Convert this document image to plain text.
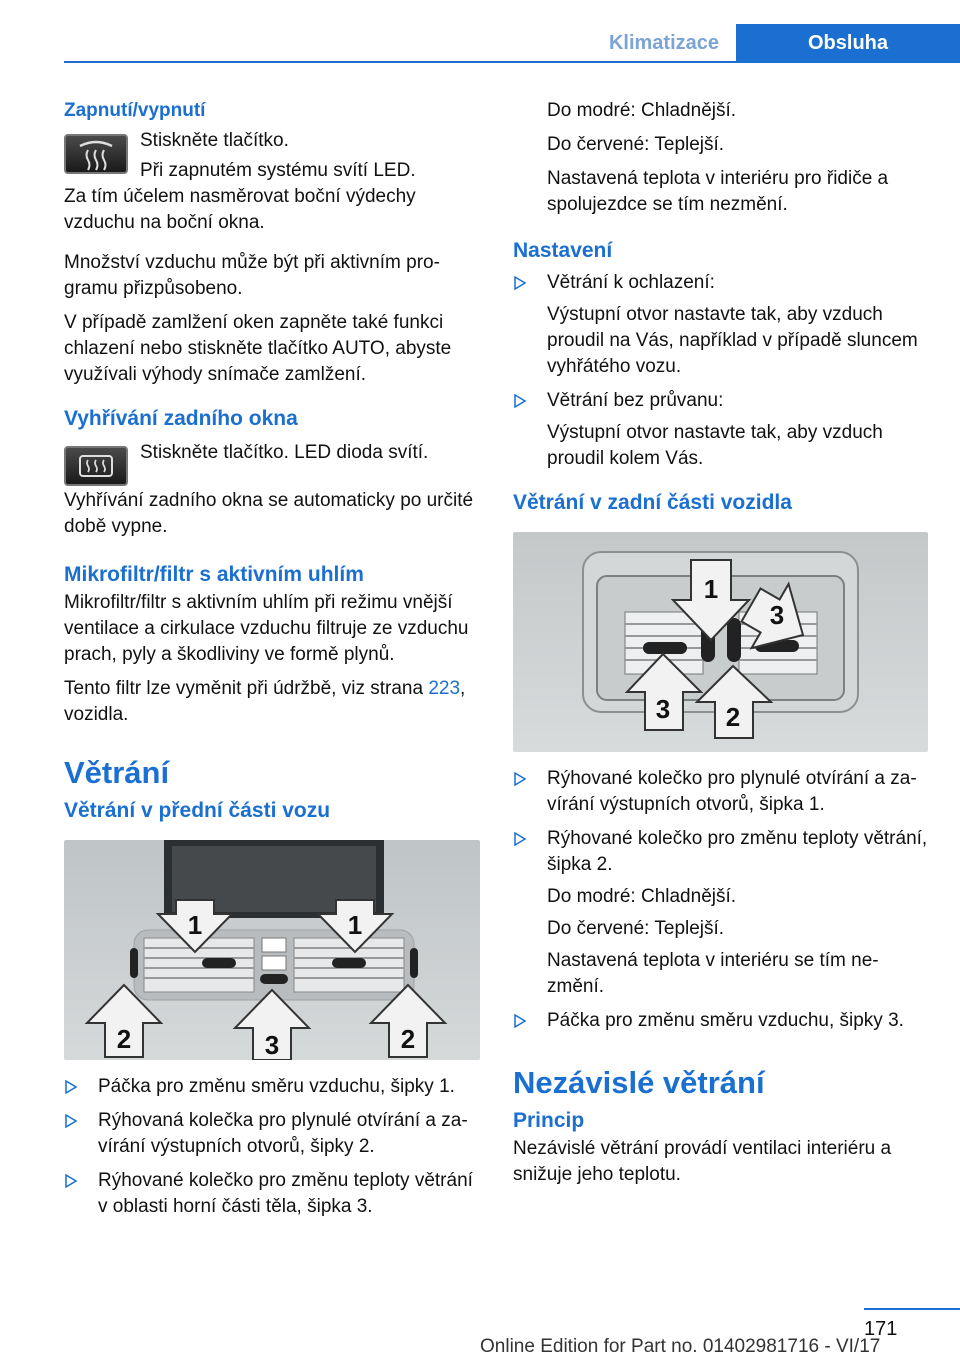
Klimatizace	Obsluha
Zapnutí/vypnutí
Stiskněte tlačítko.
Při zapnutém systému svítí LED.
Za tím účelem nasměrovat boční výdechy vzduchu na boční okna.
Množství vzduchu může být při aktivním programu přizpůsobeno.
V případě zamlžení oken zapněte také funkci chlazení nebo stiskněte tlačítko AUTO, abyste využívali výhody snímače zamlžení.
Vyhřívání zadního okna
Stiskněte tlačítko. LED dioda svítí.
Vyhřívání zadního okna se automaticky po určité době vypne.
Mikrofiltr/filtr s aktivním uhlím
Mikrofiltr/filtr s aktivním uhlím při režimu vnější ventilace a cirkulace vzduchu filtruje ze vzduchu prach, pyly a škodliviny ve formě plynů.
Tento filtr lze vyměnit při údržbě, viz strana 223, vozidla.
Větrání
Větrání v přední části vozu
1	1
2	3	2
Páčka pro změnu směru vzduchu, šipky 1.
Rýhovaná kolečka pro plynulé otvírání a zavírání výstupních otvorů, šipky 2.
Rýhované kolečko pro změnu teploty větrání v oblasti horní části těla, šipka 3.
Do modré: Chladnější.
Do červené: Teplejší.
Nastavená teplota v interiéru pro řidiče a spolujezdce se tím nezmění.
Nastavení
Větrání k ochlazení:
Výstupní otvor nastavte tak, aby vzduch proudil na Vás, například v případě sluncem vyhřátého vozu.
Větrání bez průvanu:
Výstupní otvor nastavte tak, aby vzduch proudil kolem Vás.
Větrání v zadní části vozidla
1
3
3 2
Rýhované kolečko pro plynulé otvírání a zavírání výstupních otvorů, šipka 1.
Rýhované kolečko pro změnu teploty větrání, šipka 2.
Do modré: Chladnější.
Do červené: Teplejší.
Nastavená teplota v interiéru se tím nezmění.
Páčka pro změnu směru vzduchu, šipky 3.
Nezávislé větrání
Princip
Nezávislé větrání provádí ventilaci interiéru a snižuje jeho teplotu.
171
Online Edition for Part no. 01402981716 - VI/17
